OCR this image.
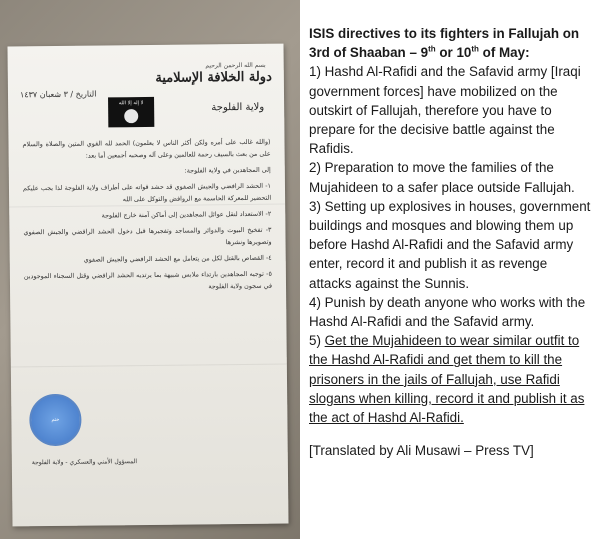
بسم الله الرحمن الرحيم
دولة الخلافة الإسلامية
ولاية الفلوجة
التاريخ / ٣ شعبان ١٤٣٧
لا إله إلا الله

(والله غالب على أمره ولكن أكثر الناس لا يعلمون) الحمد لله القوي المتين والصلاة والسلام على من بعث بالسيف رحمة للعالمين وعلى آله وصحبه أجمعين أما بعد:

إلى المجاهدين في ولاية الفلوجة:

١- الحشد الرافضي والجيش الصفوي قد حشد قواته على أطراف ولاية الفلوجة لذا يجب عليكم التحضير للمعركة الحاسمة مع الروافض والتوكل على الله

٢- الاستعداد لنقل عوائل المجاهدين إلى أماكن آمنة خارج الفلوجة

٣- تفخيخ البيوت والدوائر والمساجد وتفجيرها قبل دخول الحشد الرافضي والجيش الصفوي وتصويرها ونشرها

٤- القصاص بالقتل لكل من يتعامل مع الحشد الرافضي والجيش الصفوي

٥- توجيه المجاهدين بارتداء ملابس شبيهة بما يرتديه الحشد الرافضي وقتل السجناء الموجودين في سجون ولاية الفلوجة

ختم
المسؤول الأمني والعسكري - ولاية الفلوجة

ISIS directives to its fighters in Fallujah on 3rd of Shaaban – 9th or 10th of May:

1) Hashd Al-Rafidi and the Safavid army [Iraqi government forces] have mobilized on the outskirt of Fallujah, therefore you have to prepare for the decisive battle against the Rafidis.

2) Preparation to move the families of the Mujahideen to a safer place outside Fallujah.

3) Setting up explosives in houses, government buildings and mosques and blowing them up before Hashd Al-Rafidi and the Safavid army enter, record it and publish it as revenge attacks against the Sunnis.

4) Punish by death anyone who works with the Hashd Al-Rafidi and the Safavid army.

5) Get the Mujahideen to wear similar outfit to the Hashd Al-Rafidi and get them to kill the prisoners in the jails of Fallujah, use Rafidi slogans when killing, record it and publish it as the act of Hashd Al-Rafidi.

[Translated by Ali Musawi – Press TV]
